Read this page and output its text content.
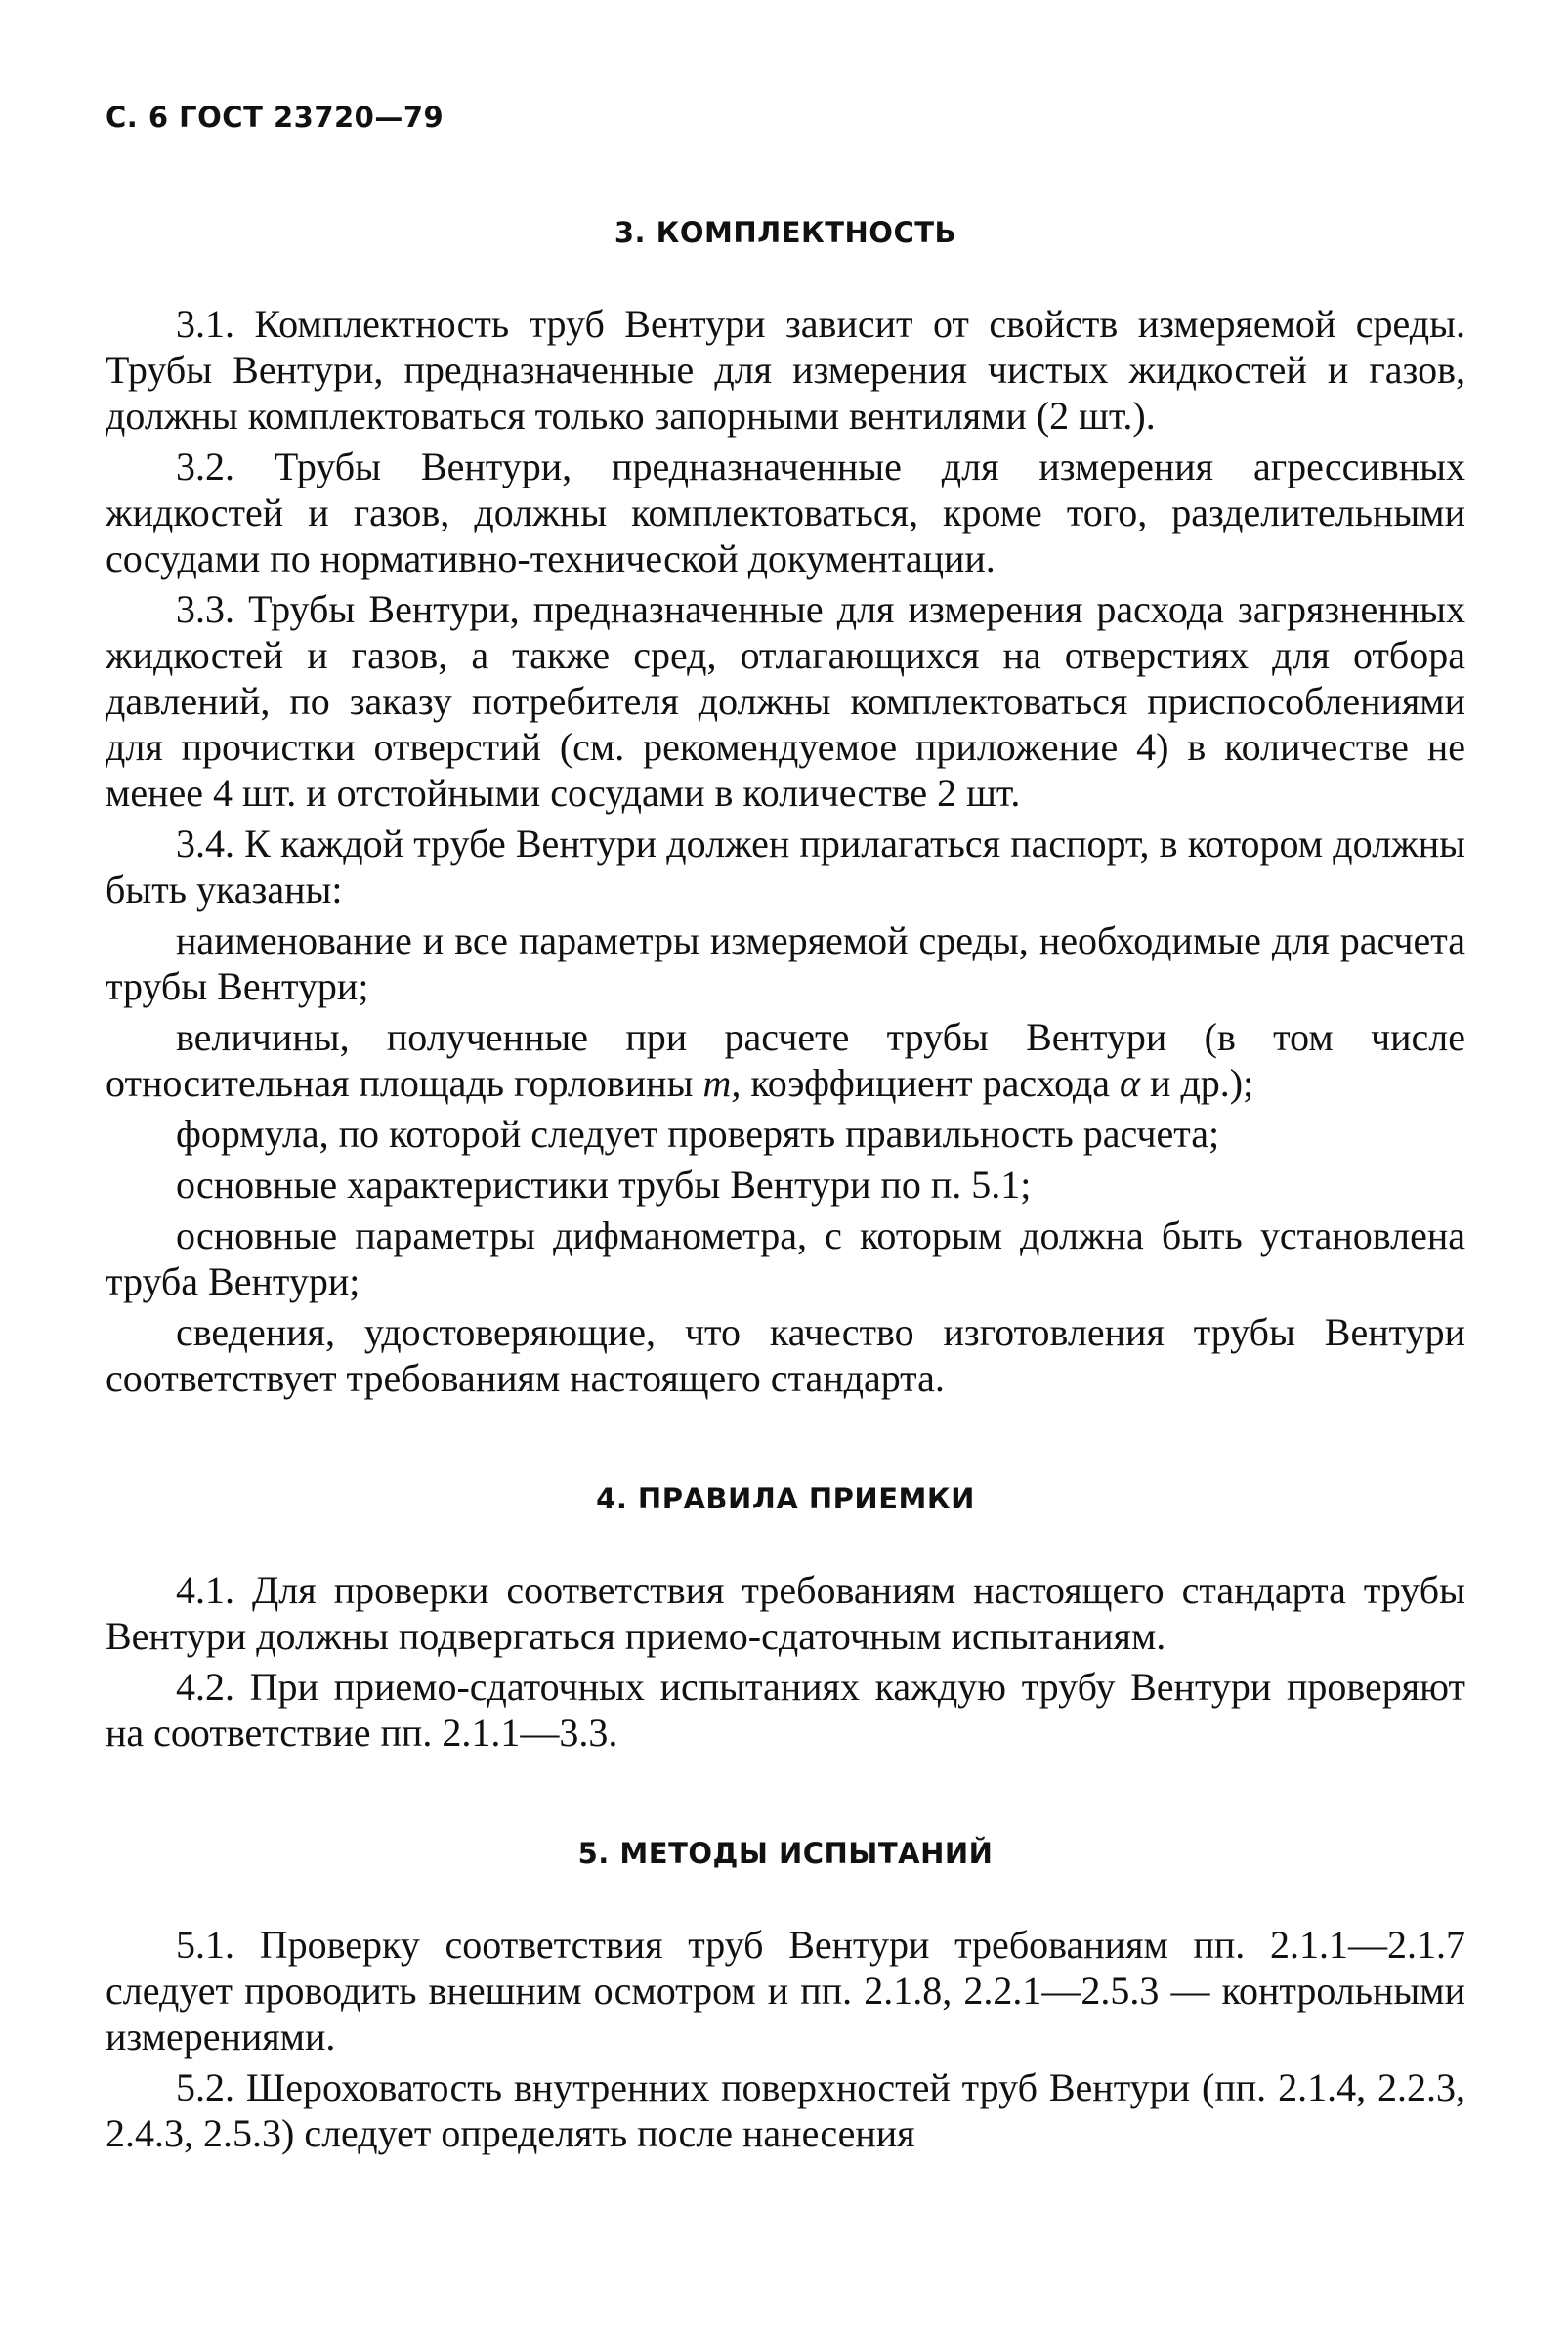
С. 6 ГОСТ 23720—79
3. КОМПЛЕКТНОСТЬ

3.1. Комплектность труб Вентури зависит от свойств измеряемой среды. Трубы Вентури, предназначенные для измерения чистых жидкостей и газов, должны комплектоваться только запорными вентилями (2 шт.).

3.2. Трубы Вентури, предназначенные для измерения агрессивных жидкостей и газов, должны комплектоваться, кроме того, разделительными сосудами по нормативно-технической документации.

3.3. Трубы Вентури, предназначенные для измерения расхода загрязненных жидкостей и газов, а также сред, отлагающихся на отверстиях для отбора давлений, по заказу потребителя должны комплектоваться приспособлениями для прочистки отверстий (см. рекомендуемое приложение 4) в количестве не менее 4 шт. и отстойными сосудами в количестве 2 шт.

3.4. К каждой трубе Вентури должен прилагаться паспорт, в котором должны быть указаны:

наименование и все параметры измеряемой среды, необходимые для расчета трубы Вентури;

величины, полученные при расчете трубы Вентури (в том числе относительная площадь горловины m, коэффициент расхода α и др.);

формула, по которой следует проверять правильность расчета;

основные характеристики трубы Вентури по п. 5.1;

основные параметры дифманометра, с которым должна быть установлена труба Вентури;

сведения, удостоверяющие, что качество изготовления трубы Вентури соответствует требованиям настоящего стандарта.

4. ПРАВИЛА ПРИЕМКИ

4.1. Для проверки соответствия требованиям настоящего стандарта трубы Вентури должны подвергаться приемо-сдаточным испытаниям.

4.2. При приемо-сдаточных испытаниях каждую трубу Вентури проверяют на соответствие пп. 2.1.1—3.3.

5. МЕТОДЫ ИСПЫТАНИЙ

5.1. Проверку соответствия труб Вентури требованиям пп. 2.1.1—2.1.7 следует проводить внешним осмотром и пп. 2.1.8, 2.2.1—2.5.3 — контрольными измерениями.

5.2. Шероховатость внутренних поверхностей труб Вентури (пп. 2.1.4, 2.2.3, 2.4.3, 2.5.3) следует определять после нанесения
